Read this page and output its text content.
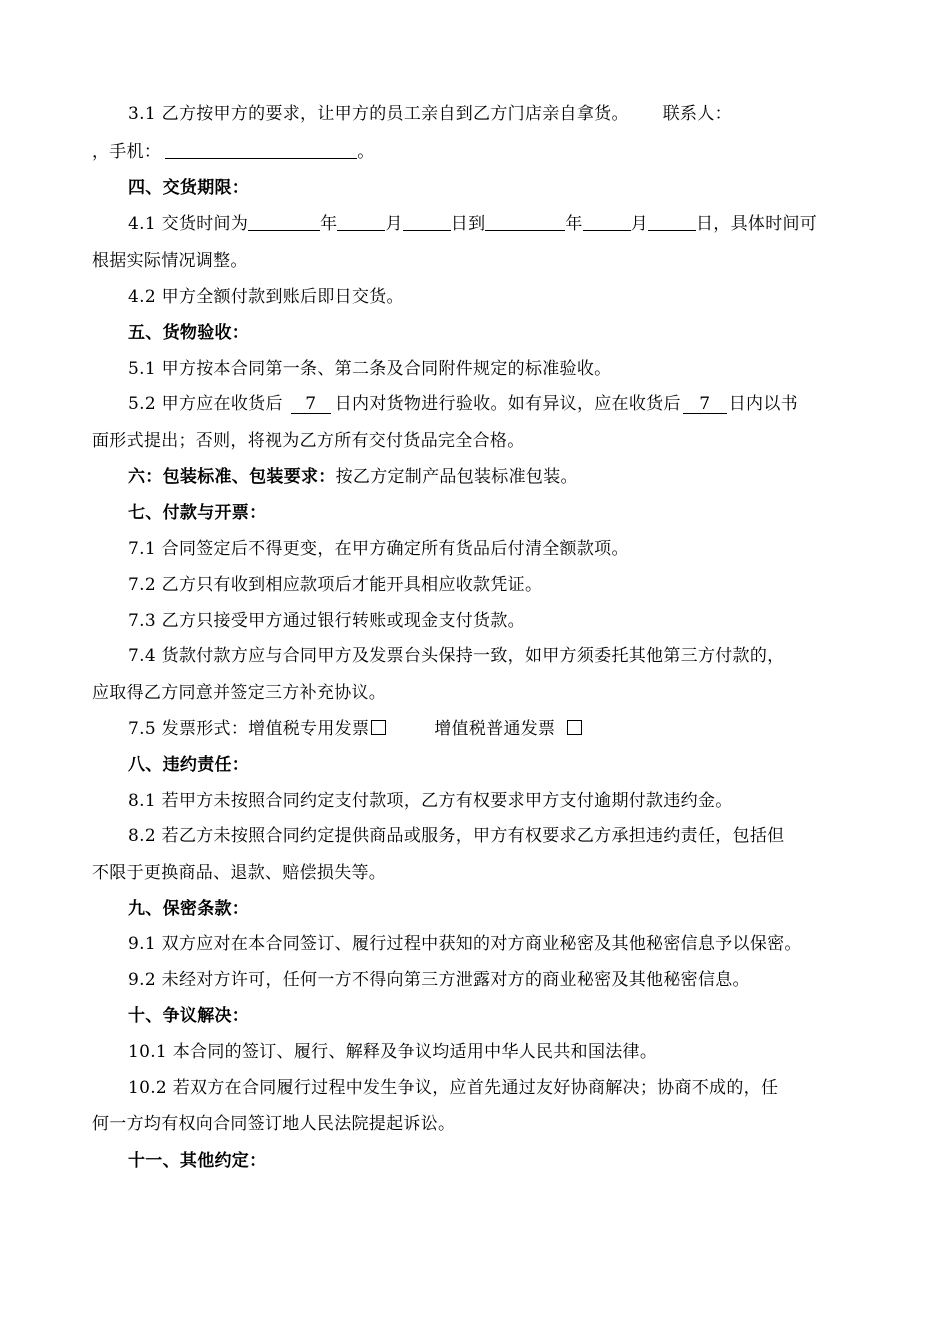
3.1 乙方按甲方的要求，让甲方的员工亲自到乙方门店亲自拿货。 联系人：
，手机：	。
四、交货期限：
4.1 交货时间为	年	月	日到	年	月	日，具体时间可
根据实际情况调整。
4.2 甲方全额付款到账后即日交货。
五、货物验收：
5.1 甲方按本合同第一条、第二条及合同附件规定的标准验收。
5.2 甲方应在收货后 7 日内对货物进行验收。如有异议，应在收货后 7 日内以书
面形式提出；否则，将视为乙方所有交付货品完全合格。
六：包装标准、包装要求：按乙方定制产品包装标准包装。
七、付款与开票：
7.1 合同签定后不得更变，在甲方确定所有货品后付清全额款项。
7.2 乙方只有收到相应款项后才能开具相应收款凭证。
7.3 乙方只接受甲方通过银行转账或现金支付货款。
7.4 货款付款方应与合同甲方及发票台头保持一致，如甲方须委托其他第三方付款的，
应取得乙方同意并签定三方补充协议。
7.5 发票形式：增值税专用发票	增值税普通发票
八、违约责任：
8.1 若甲方未按照合同约定支付款项，乙方有权要求甲方支付逾期付款违约金。
8.2 若乙方未按照合同约定提供商品或服务，甲方有权要求乙方承担违约责任，包括但
不限于更换商品、退款、赔偿损失等。
九、保密条款：
9.1 双方应对在本合同签订、履行过程中获知的对方商业秘密及其他秘密信息予以保密。
9.2 未经对方许可，任何一方不得向第三方泄露对方的商业秘密及其他秘密信息。
十、争议解决：
10.1 本合同的签订、履行、解释及争议均适用中华人民共和国法律。
10.2 若双方在合同履行过程中发生争议，应首先通过友好协商解决；协商不成的，任
何一方均有权向合同签订地人民法院提起诉讼。
十一、其他约定：
